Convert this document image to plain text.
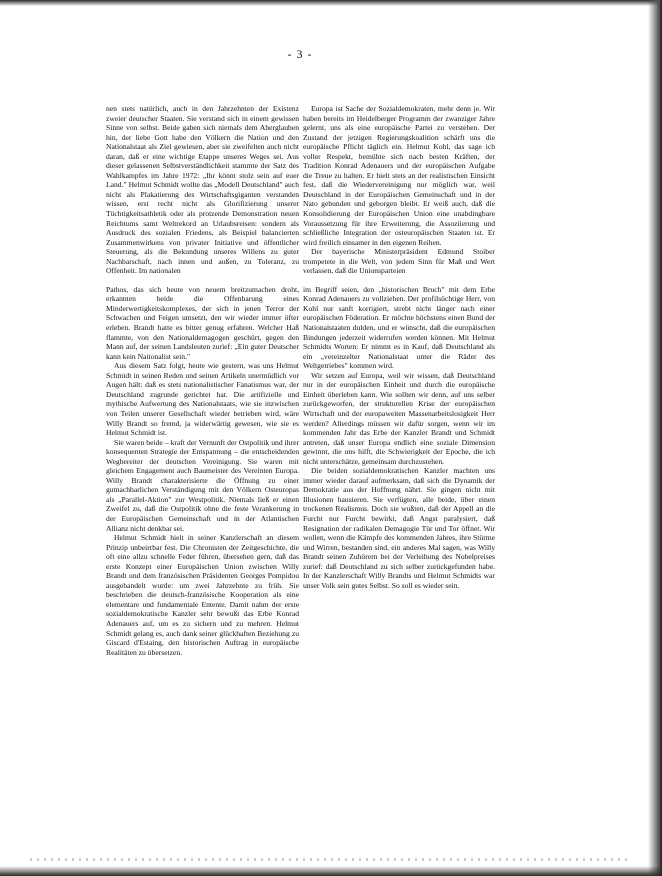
- 3 -

nen stets natürlich, auch in den Jahrzehnten der Existenz zweier deutscher Staaten. Sie verstand sich in einem gewissen Sinne von selbst. Beide gaben sich niemals dem Aberglauben hin, der liebe Gott habe den Völkern die Nation und den Nationalstaat als Ziel gewiesen, aber sie zweifelten auch nicht daran, daß er eine wichtige Etappe unseres Weges sei. Aus dieser gelassenen Selbstverständlichkeit stammte der Satz des Wahlkampfes im Jahre 1972: „Ihr könnt stolz sein auf euer Land." Helmut Schmidt wollte das „Modell Deutschland" auch nicht als Plakatierung des Wirtschaftsgiganten verstanden wissen, erst recht nicht als Glorifizierung unserer Tüchtigkeitsathletik oder als protzende Demonstration neuen Reichtums samt Weltrekord an Urlaubsreisen: sondern als Ausdruck des sozialen Friedens, als Beispiel balancierten Zusammenwirkens von privater Initiative und öffentlicher Steuerung, als die Bekundung unseres Willens zu guter Nachbarschaft, nach innen und außen, zu Toleranz, zu Offenheit. Im nationalen

Pathos, das sich heute von neuem breitzumachen droht, erkannten beide die Offenbarung eines Minderwertigkeitskomplexes, der sich in jenen Terror der Schwachen und Feigen umsetzt, den wir wieder immer öfter erleben. Brandt hatte es bitter genug erfahren. Welcher Haß flammte, von den Nationaldemagogen geschürt, gegen den Mann auf, der seinen Landsleuten zurief: „Ein guter Deutscher kann kein Nationalist sein."

Aus diesem Satz folgt, heute wie gestern, was uns Helmut Schmidt in seinen Reden und seinen Artikeln unermüdlich vor Augen hält: daß es stets nationalistischer Fanatismus war, der Deutschland zugrunde gerichtet hat. Die artifizielle und mythische Aufwertung des Nationalstaats, wie sie inzwischen von Teilen unserer Gesellschaft wieder betrieben wird, wäre Willy Brandt so fremd, ja widerwärtig gewesen, wie sie es Helmut Schmidt ist.

Sie waren beide – kraft der Vernunft der Ostpolitik und ihrer konsequenten Strategie der Entspannung – die entscheidenden Wegbereiter der deutschen Vereinigung. Sie waren mit gleichem Engagement auch Baumeister des Vereinten Europa. Willy Brandt charakterisierte die Öffnung zu einer gutnachbarlichen Verständigung mit den Völkern Osteuropas als „Parallel-Aktion" zur Westpolitik. Niemals ließ er einen Zweifel zu, daß die Ostpolitik ohne die feste Verankerung in der Europäischen Gemeinschaft und in der Atlantischen Allianz nicht denkbar sei.

Helmut Schmidt hielt in seiner Kanzlerschaft an diesem Prinzip unbeirrbar fest. Die Chronisten der Zeitgeschichte, die oft eine allzu schnelle Feder führen, übersehen gern, daß das erste Konzept einer Europäischen Union zwischen Willy Brandt und dem französischen Präsidenten Georges Pompidou ausgehandelt wurde: um zwei Jahrzehnte zu früh. Sie beschrieben die deutsch-französische Kooperation als eine elementare und fundamentale Entente. Damit nahm der erste sozialdemokratische Kanzler sehr bewußt das Erbe Konrad Adenauers auf, um es zu sichern und zu mehren. Helmut Schmidt gelang es, auch dank seiner glückhaften Beziehung zu Giscard d'Estaing, den historischen Auftrag in europäische Realitäten zu übersetzen.

Europa ist Sache der Sozialdemokraten, mehr denn je. Wir haben bereits im Heidelberger Programm der zwanziger Jahre gelernt, uns als eine europäische Partei zu verstehen. Der Zustand der jetzigen Regierungskoalition schärft uns die europäische Pflicht täglich ein. Helmut Kohl, das sage ich voller Respekt, bemühte sich nach besten Kräften, der Tradition Konrad Adenauers und der europäischen Aufgabe die Treue zu halten. Er hielt stets an der realistischen Einsicht fest, daß die Wiedervereinigung nur möglich war, weil Deutschland in der Europäischen Gemeinschaft und in der Nato gebunden und geborgen bleibt. Er weiß auch, daß die Konsolidierung der Europäischen Union eine unabdingbare Voraussetzung für ihre Erweiterung, die Assoziierung und schließliche Integration der osteuropäischen Staaten ist. Er wird freilich einsamer in den eigenen Reihen.

Der bayerische Ministerpräsident Edmund Stoiber trompetete in die Welt, von jedem Sinn für Maß und Wert verlassen, daß die Unionsparteien

im Begriff seien, den „historischen Bruch" mit dem Erbe Konrad Adenauers zu vollziehen. Der profilsüchtige Herr, von Kohl nur sanft korrigiert, strebt nicht länger nach einer europäischen Föderation. Er möchte höchstens einen Bund der Nationalstaaten dulden, und er wünscht, daß die europäischen Bindungen jederzeit widerrufen werden können. Mit Helmut Schmidts Worten: Er nimmt es in Kauf, daß Deutschland als ein „vereinzelter Nationalstaat unter die Räder des Weltgetriebes" kommen wird.

Wir setzen auf Europa, weil wir wissen, daß Deutschland nur in der europäischen Einheit und durch die europäische Einheit überleben kann. Wie sollten wir denn, auf uns selber zurückgeworfen, der strukturellen Krise der europäischen Wirtschaft und der europaweiten Massenarbeitslosigkeit Herr werden? Allerdings müssen wir dafür sorgen, wenn wir im kommenden Jahr das Erbe der Kanzler Brandt und Schmidt antreten, daß unser Europa endlich eine soziale Dimension gewinnt, die uns hilft, die Schwierigkeit der Epoche, die ich nicht unterschätze, gemeinsam durchzustehen.

Die beiden sozialdemokratischen Kanzler machten uns immer wieder darauf aufmerksam, daß sich die Dynamik der Demokratie aus der Hoffnung nährt. Sie gingen nicht mit Illusionen hausieren. Sie verfügten, alle beide, über einen trockenen Realismus. Doch sie wußten, daß der Appell an die Furcht nur Furcht bewirkt, daß Angst paralysiert, daß Resignation der radikalen Demagogie Tür und Tor öffnet. Wir wollen, wenn die Kämpfe des kommenden Jahres, ihre Stürme und Wirren, bestanden sind, ein anderes Mal sagen, was Willy Brandt seinen Zuhörern bei der Verleihung des Nobelpreises zurief: daß Deutschland zu sich selber zurückgefunden habe. In der Kanzlerschaft Willy Brandts und Helmut Schmidts war unser Volk sein gutes Selbst. So soll es wieder sein.
